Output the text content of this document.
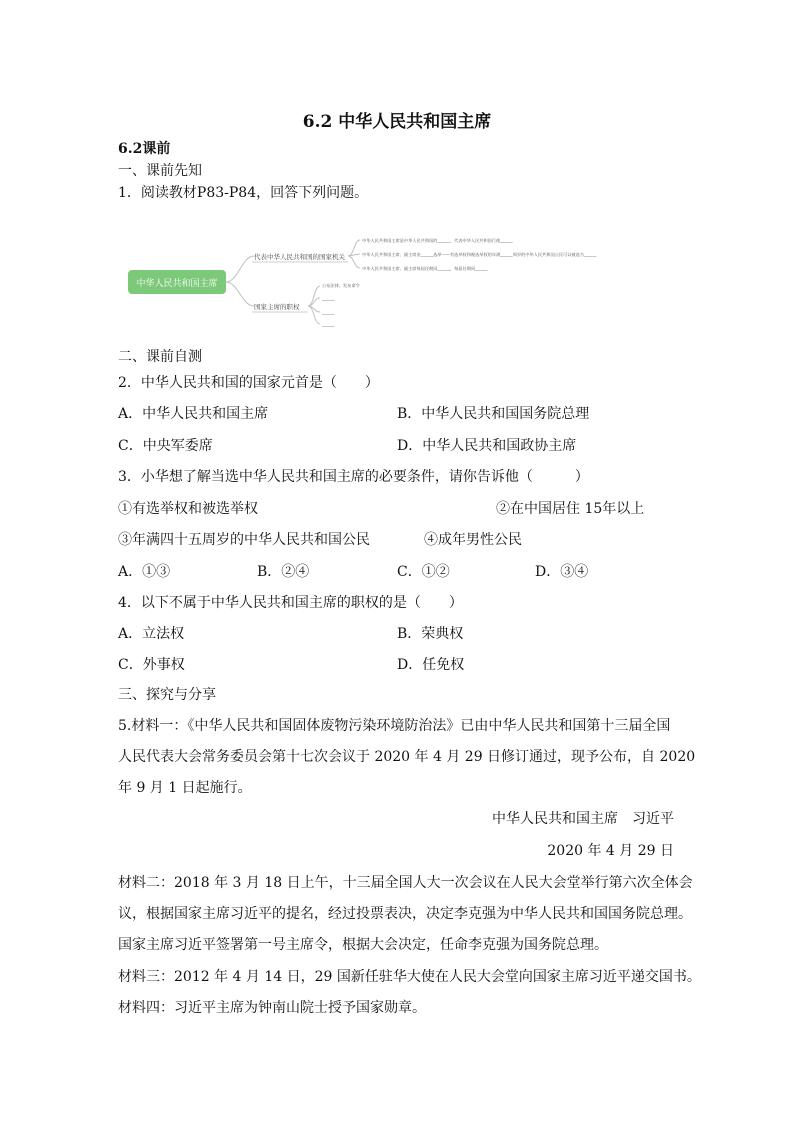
6.2 中华人民共和国主席
6.2课前
一、课前先知
1．阅读教材P83-P84，回答下列问题。
中华人民共和国主席
代表中华人民共和国的国家机关
国家主席的职权
中华人民共和国主席是中华人民共和国的______，代表中华人民共和国行使______
中华人民共和国主席、副主席由______选举——有选举权和被选举权的年满______周岁的中华人民共和国公民可以被选为______
中华人民共和国主席、副主席每届任期同______，每届任期同______
公布法律、发布命令
______
______
______
二、课前自测
2．中华人民共和国的国家元首是（　　）
A．中华人民共和国主席	B．中华人民共和国国务院总理
C．中央军委席	D．中华人民共和国政协主席
3．小华想了解当选中华人民共和国主席的必要条件，请你告诉他（　　　）
①有选举权和被选举权	②在中国居住 15年以上
③年满四十五周岁的中华人民共和国公民	④成年男性公民
A．①③	B．②④	C．①②	D．③④
4．以下不属于中华人民共和国主席的职权的是（　　）
A．立法权	B．荣典权
C．外事权	D．任免权
三、探究与分享
5.材料一：《中华人民共和国固体废物污染环境防治法》已由中华人民共和国第十三届全国
人民代表大会常务委员会第十七次会议于 2020 年 4 月 29 日修订通过，现予公布，自 2020
年 9 月 1 日起施行。
中华人民共和国主席　习近平
2020 年 4 月 29 日
材料二：2018 年 3 月 18 日上午，十三届全国人大一次会议在人民大会堂举行第六次全体会
议，根据国家主席习近平的提名，经过投票表决，决定李克强为中华人民共和国国务院总理。
国家主席习近平签署第一号主席令，根据大会决定，任命李克强为国务院总理。
材料三：2012 年 4 月 14 日，29 国新任驻华大使在人民大会堂向国家主席习近平递交国书。
材料四：习近平主席为钟南山院士授予国家勋章。
